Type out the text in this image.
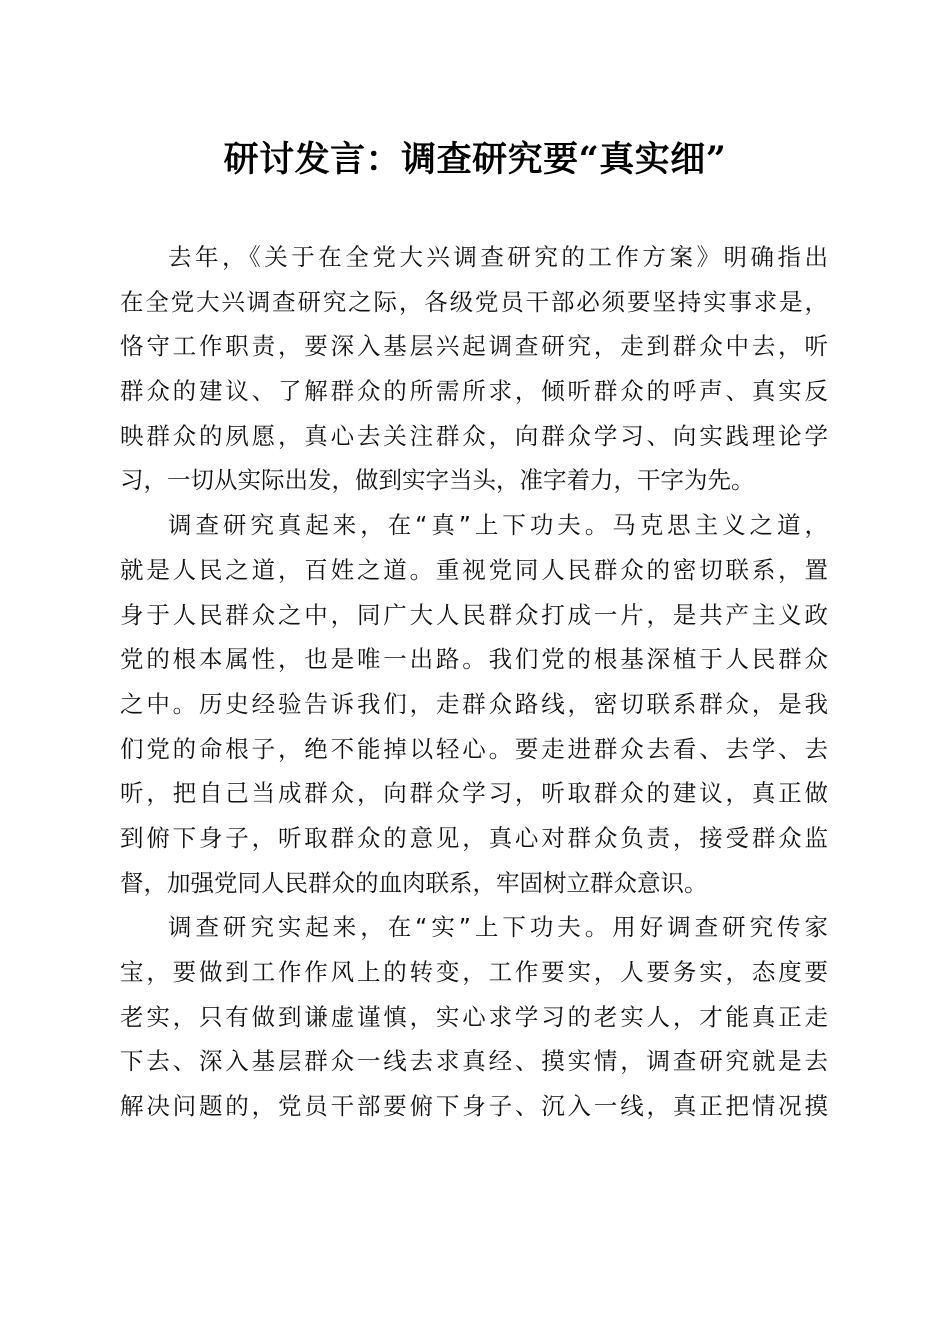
研讨发言：调查研究要“真实细”
去年，《关于在全党大兴调查研究的工作方案》明确指出
在全党大兴调查研究之际，各级党员干部必须要坚持实事求是，
恪守工作职责，要深入基层兴起调查研究，走到群众中去，听
群众的建议、了解群众的所需所求，倾听群众的呼声、真实反
映群众的夙愿，真心去关注群众，向群众学习、向实践理论学
习，一切从实际出发，做到实字当头，准字着力，干字为先。
调查研究真起来，在“真”上下功夫。马克思主义之道，
就是人民之道，百姓之道。重视党同人民群众的密切联系，置
身于人民群众之中，同广大人民群众打成一片，是共产主义政
党的根本属性，也是唯一出路。我们党的根基深植于人民群众
之中。历史经验告诉我们，走群众路线，密切联系群众，是我
们党的命根子，绝不能掉以轻心。要走进群众去看、去学、去
听，把自己当成群众，向群众学习，听取群众的建议，真正做
到俯下身子，听取群众的意见，真心对群众负责，接受群众监
督，加强党同人民群众的血肉联系，牢固树立群众意识。
调查研究实起来，在“实”上下功夫。用好调查研究传家
宝，要做到工作作风上的转变，工作要实，人要务实，态度要
老实，只有做到谦虚谨慎，实心求学习的老实人，才能真正走
下去、深入基层群众一线去求真经、摸实情，调查研究就是去
解决问题的，党员干部要俯下身子、沉入一线，真正把情况摸
